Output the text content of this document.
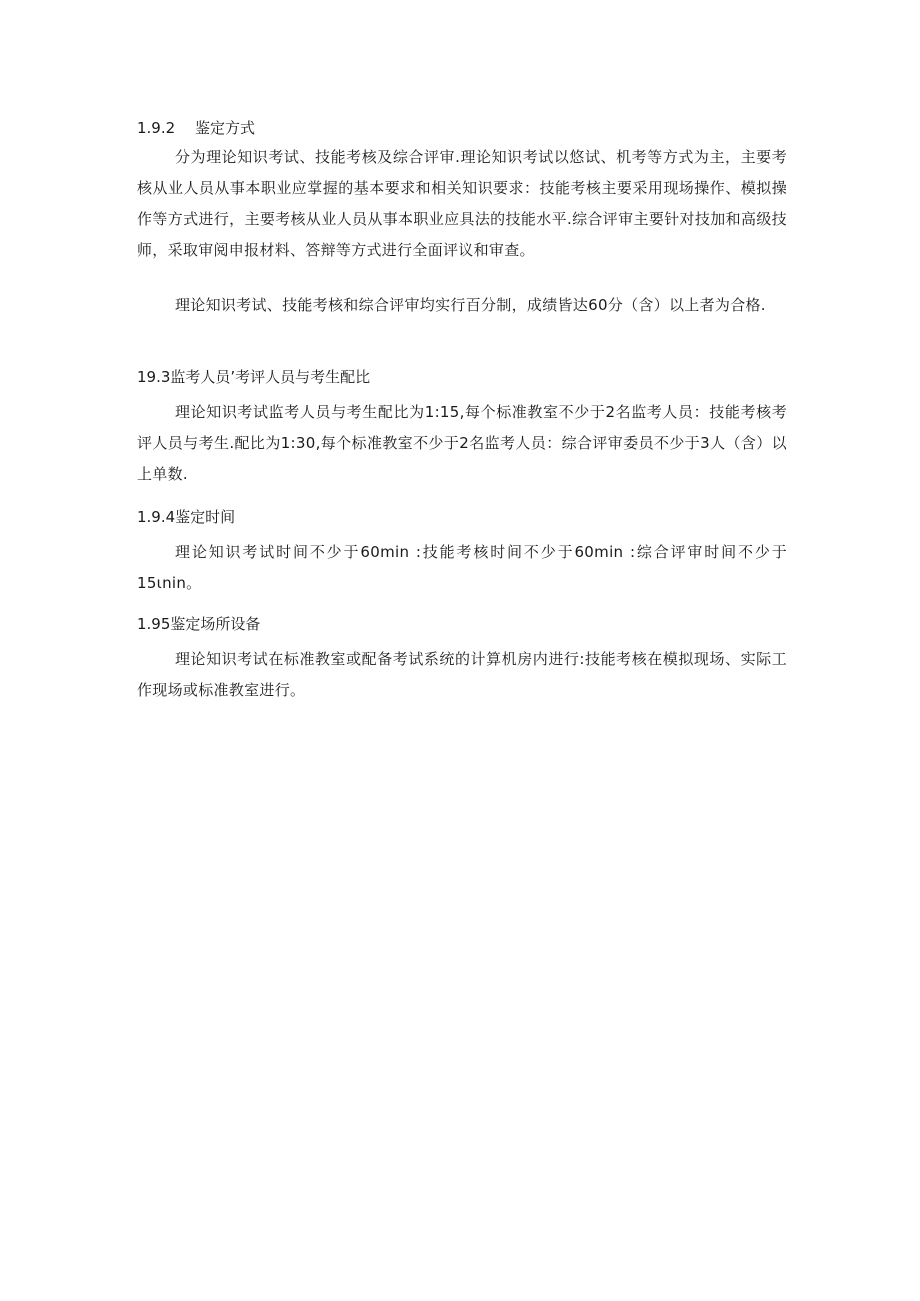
1.9.2 鉴定方式

分为理论知识考试、技能考核及综合评审.理论知识考试以悠试、机考等方式为主，主要考核从业人员从事本职业应掌握的基本要求和相关知识要求：技能考核主要采用现场操作、模拟操作等方式进行，主要考核从业人员从事本职业应具法的技能水平.综合评审主要针对技加和高级技师，采取审阅申报材料、答辩等方式进行全面评议和审查。

理论知识考试、技能考核和综合评审均实行百分制，成绩皆达60分（含）以上者为合格.

19.3监考人员’考评人员与考生配比

理论知识考试监考人员与考生配比为1:15,每个标准教室不少于2名监考人员：技能考核考评人员与考生.配比为1:30,每个标准教室不少于2名监考人员：综合评审委员不少于3人（含）以上单数.

1.9.4鉴定时间

理论知识考试时间不少于60min :技能考核时间不少于60min :综合评审时间不少于15ιnin。

1.95鉴定场所设备

理论知识考试在标准教室或配备考试系统的计算机房内进行:技能考核在模拟现场、实际工作现场或标准教室进行。
